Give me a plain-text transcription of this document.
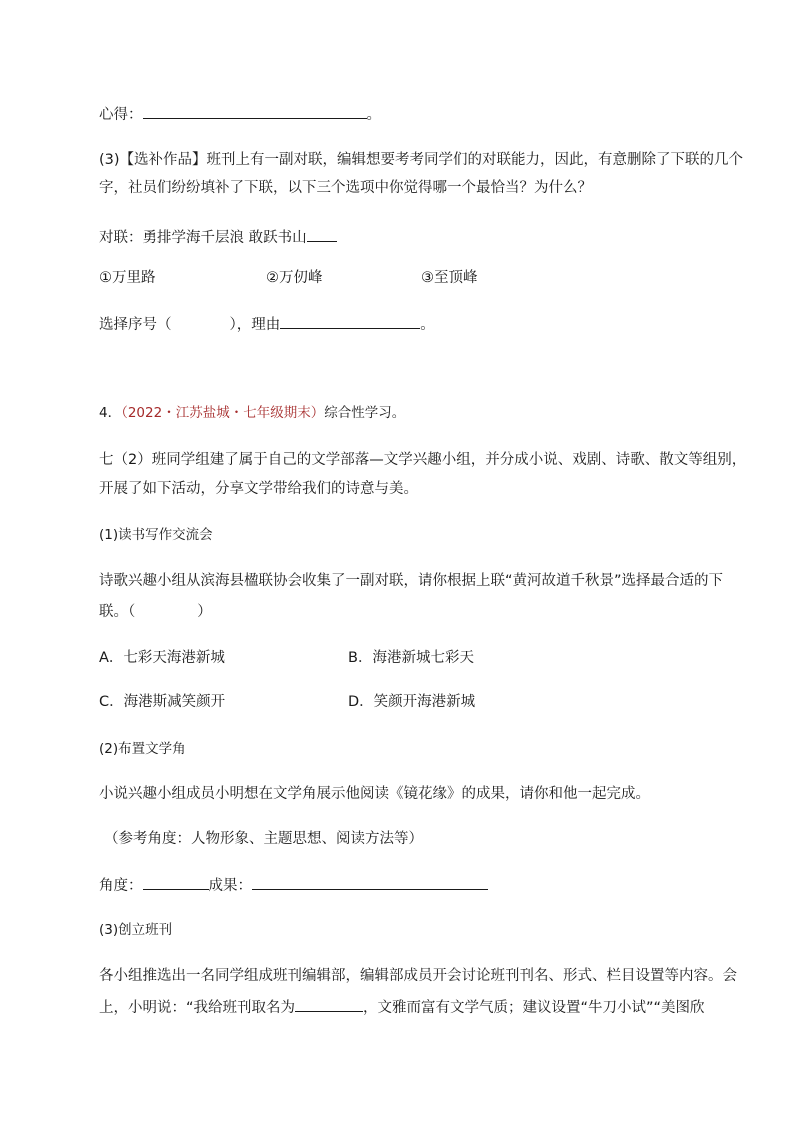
心得：	。
(3)【选补作品】班刊上有一副对联，编辑想要考考同学们的对联能力，因此，有意删除了下联的几个
字，社员们纷纷填补了下联，以下三个选项中你觉得哪一个最恰当？为什么？
对联：勇排学海千层浪 敢跃书山
①万里路	②万仞峰	③至顶峰
选择序号（	），理由	。
4．（2022・江苏盐城・七年级期末）综合性学习。
七（2）班同学组建了属于自己的文学部落—文学兴趣小组，并分成小说、戏剧、诗歌、散文等组别，
开展了如下活动，分享文学带给我们的诗意与美。
(1)读书写作交流会
诗歌兴趣小组从滨海县楹联协会收集了一副对联，请你根据上联“黄河故道千秋景”选择最合适的下
联。（	）
A．七彩天海港新城	B．海港新城七彩天
C．海港斯减笑颜开	D．笑颜开海港新城
(2)布置文学角
小说兴趣小组成员小明想在文学角展示他阅读《镜花缘》的成果，请你和他一起完成。
（参考角度：人物形象、主题思想、阅读方法等）
角度：	成果：
(3)创立班刊
各小组推选出一名同学组成班刊编辑部，编辑部成员开会讨论班刊刊名、形式、栏目设置等内容。会
上，小明说：“我给班刊取名为	，文雅而富有文学气质；建议设置“牛刀小试”“美图欣
